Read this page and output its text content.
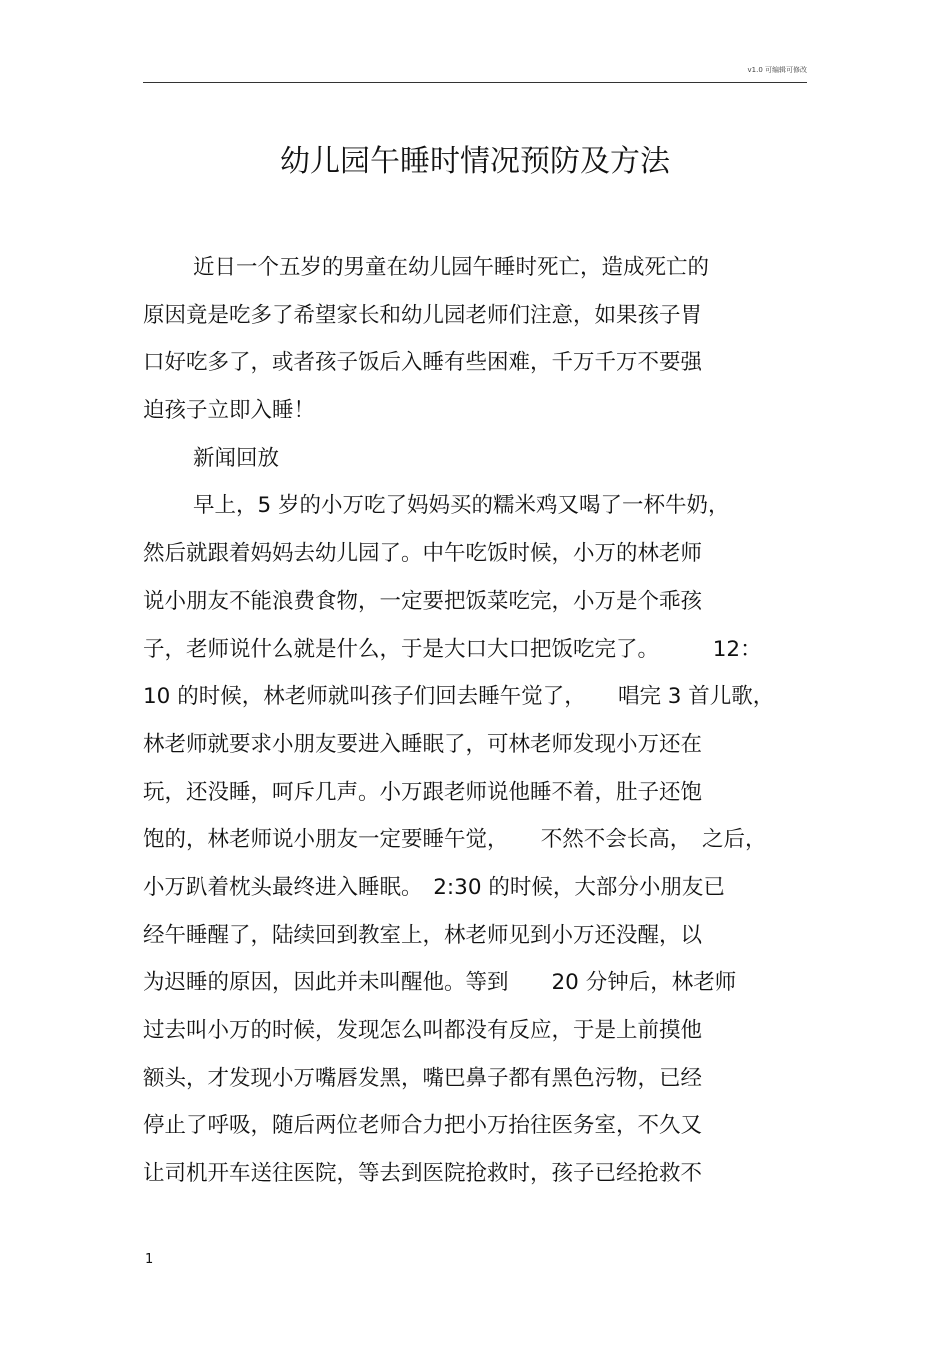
v1.0 可编辑可修改
幼儿园午睡时情况预防及方法
近日一个五岁的男童在幼儿园午睡时死亡，造成死亡的
原因竟是吃多了希望家长和幼儿园老师们注意，如果孩子胃
口好吃多了，或者孩子饭后入睡有些困难，千万千万不要强
迫孩子立即入睡！
新闻回放
早上，5 岁的小万吃了妈妈买的糯米鸡又喝了一杯牛奶，
然后就跟着妈妈去幼儿园了。中午吃饭时候，小万的林老师
说小朋友不能浪费食物，一定要把饭菜吃完，小万是个乖孩
子，老师说什么就是什么，于是大口大口把饭吃完了。　　　12：
10 的时候，林老师就叫孩子们回去睡午觉了，　　唱完 3 首儿歌，
林老师就要求小朋友要进入睡眠了，可林老师发现小万还在
玩，还没睡，呵斥几声。小万跟老师说他睡不着，肚子还饱
饱的，林老师说小朋友一定要睡午觉，　　不然不会长高，　之后，
小万趴着枕头最终进入睡眠。　2:30 的时候，大部分小朋友已
经午睡醒了，陆续回到教室上，林老师见到小万还没醒，以
为迟睡的原因，因此并未叫醒他。等到　　20 分钟后，林老师
过去叫小万的时候，发现怎么叫都没有反应，于是上前摸他
额头，才发现小万嘴唇发黑，嘴巴鼻子都有黑色污物，已经
停止了呼吸，随后两位老师合力把小万抬往医务室，不久又
让司机开车送往医院，等去到医院抢救时，孩子已经抢救不
1
